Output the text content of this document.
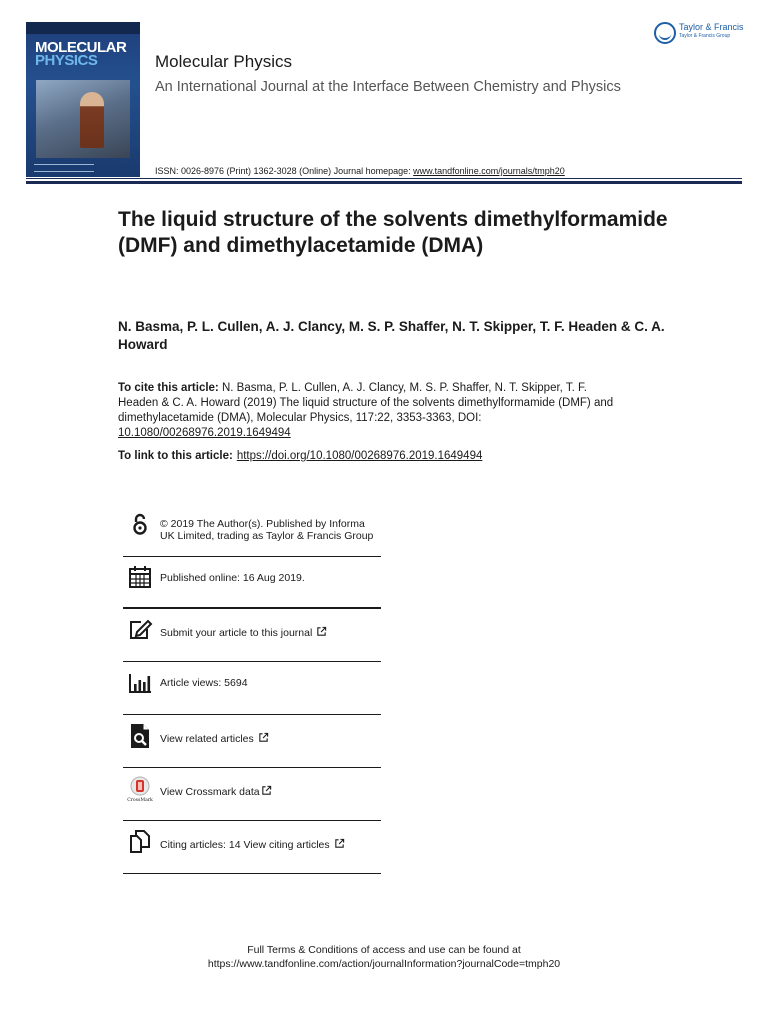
MOLECULAR
PHYSICS	Molecular Physics
An International Journal at the Interface Between Chemistry and Physics
ISSN: 0026-8976 (Print) 1362-3028 (Online) Journal homepage: www.tandfonline.com/journals/tmph20
Taylor & Francis
Taylor & Francis Group
The liquid structure of the solvents dimethylformamide (DMF) and dimethylacetamide (DMA)
N. Basma, P. L. Cullen, A. J. Clancy, M. S. P. Shaffer, N. T. Skipper, T. F. Headen & C. A. Howard
To cite this article: N. Basma, P. L. Cullen, A. J. Clancy, M. S. P. Shaffer, N. T. Skipper, T. F. Headen & C. A. Howard (2019) The liquid structure of the solvents dimethylformamide (DMF) and dimethylacetamide (DMA), Molecular Physics, 117:22, 3353-3363, DOI: 10.1080/00268976.2019.1649494
To link to this article: https://doi.org/10.1080/00268976.2019.1649494
© 2019 The Author(s). Published by Informa UK Limited, trading as Taylor & Francis Group
Published online: 16 Aug 2019.
Submit your article to this journal
Article views: 5694
View related articles
CrossMark
View Crossmark data
Citing articles: 14 View citing articles
Full Terms & Conditions of access and use can be found at
https://www.tandfonline.com/action/journalInformation?journalCode=tmph20
